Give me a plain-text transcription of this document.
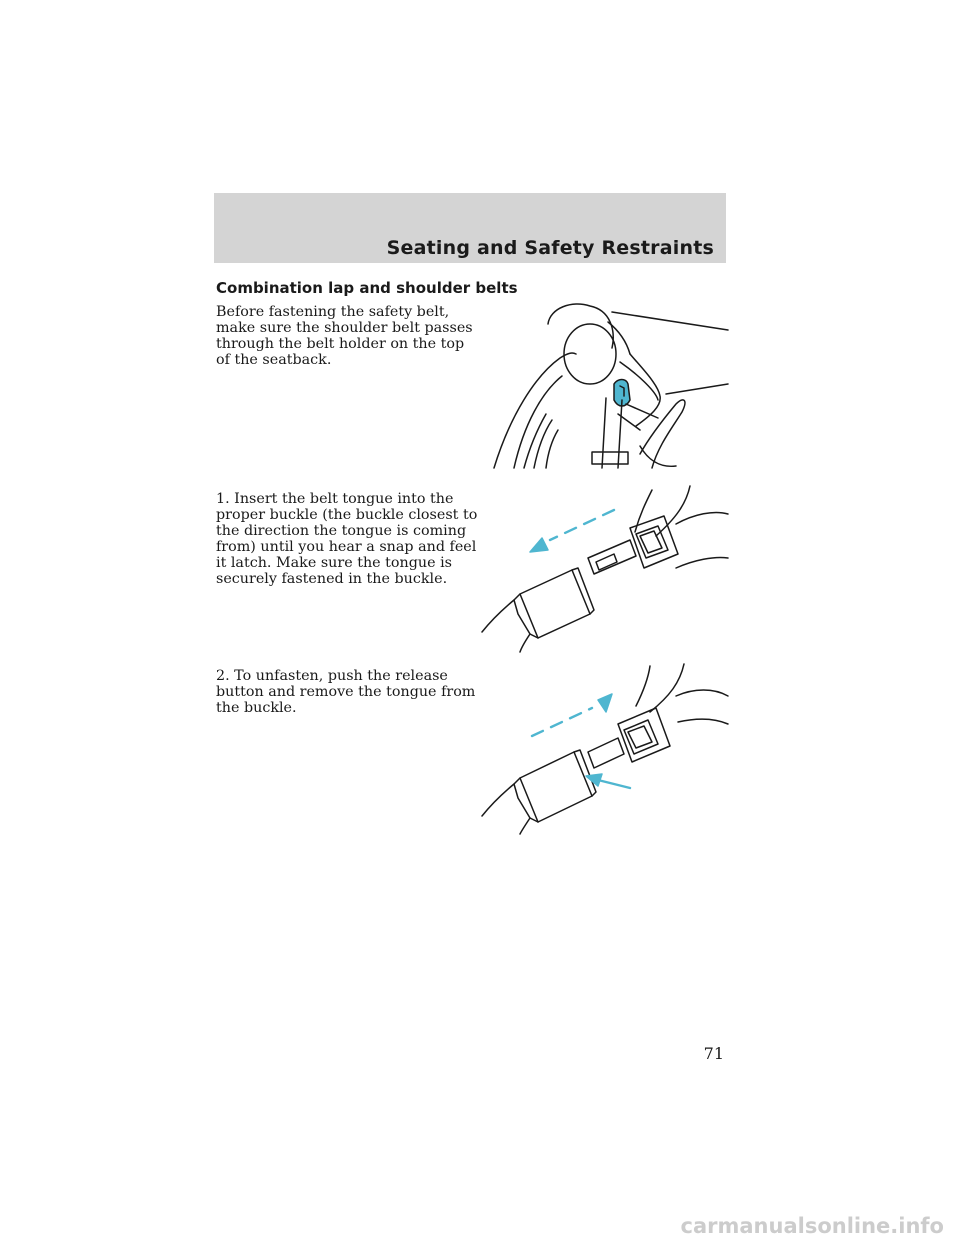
Seating and Safety Restraints
Combination lap and shoulder belts

Before fastening the safety belt,
make sure the shoulder belt passes
through the belt holder on the top
of the seatback.

1. Insert the belt tongue into the
proper buckle (the buckle closest to
the direction the tongue is coming
from) until you hear a snap and feel
it latch. Make sure the tongue is
securely fastened in the buckle.

2. To unfasten, push the release
button and remove the tongue from
the buckle.

71

carmanualsonline.info
